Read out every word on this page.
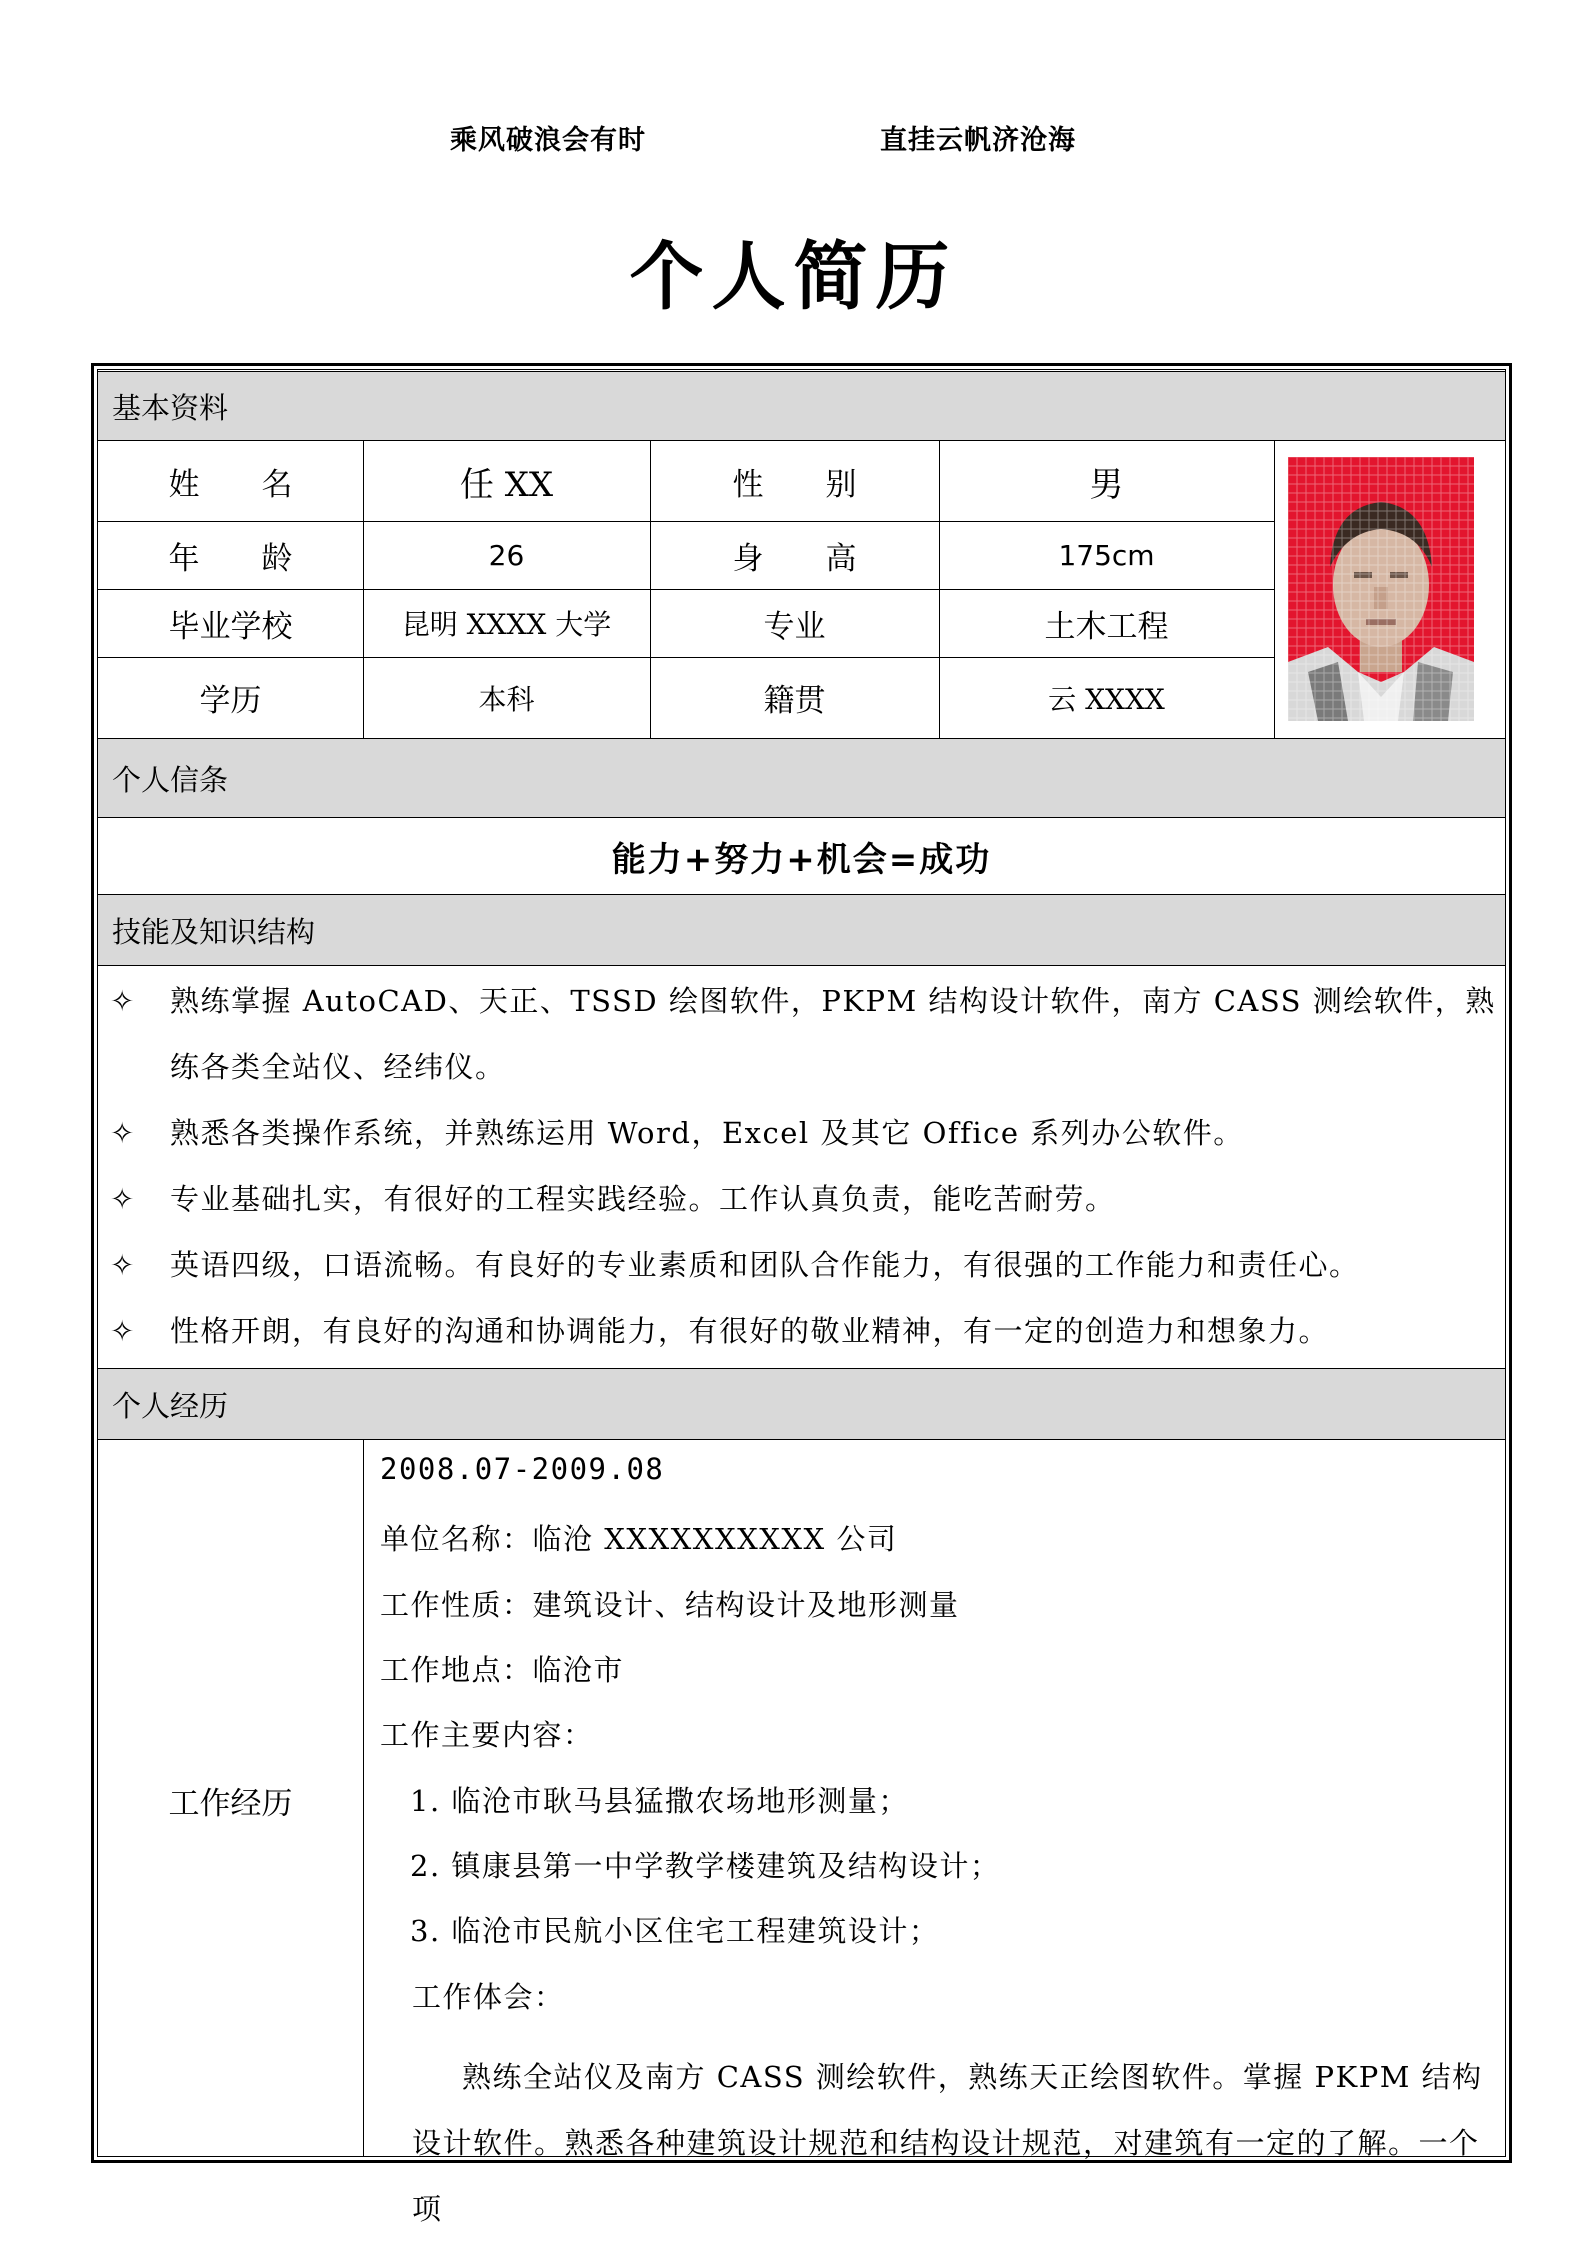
乘风破浪会有时	直挂云帆济沧海
个人简历
基本资料
姓　　名	任 XX	性　　别	男
年　　龄	26	身　　高	175cm
毕业学校	昆明 XXXX 大学	专业	土木工程
学历	本科	籍贯	云 XXXX
个人信条
能力+努力+机会=成功
技能及知识结构
✧	熟练掌握 AutoCAD、天正、TSSD 绘图软件，PKPM 结构设计软件，南方 CASS 测绘软件，熟练各类全站仪、经纬仪。
✧	熟悉各类操作系统，并熟练运用 Word，Excel 及其它 Office 系列办公软件。
✧	专业基础扎实，有很好的工程实践经验。工作认真负责，能吃苦耐劳。
✧	英语四级，口语流畅。有良好的专业素质和团队合作能力，有很强的工作能力和责任心。
✧	性格开朗，有良好的沟通和协调能力，有很好的敬业精神，有一定的创造力和想象力。
个人经历
工作经历
2008.07-2009.08
单位名称：临沧 XXXXXXXXXX 公司
工作性质：建筑设计、结构设计及地形测量
工作地点：临沧市
工作主要内容：
1. 临沧市耿马县猛撒农场地形测量；
2. 镇康县第一中学教学楼建筑及结构设计；
3. 临沧市民航小区住宅工程建筑设计；
工作体会：
熟练全站仪及南方 CASS 测绘软件，熟练天正绘图软件。掌握 PKPM 结构设计软件。熟悉各种建筑设计规范和结构设计规范，对建筑有一定的了解。一个项
